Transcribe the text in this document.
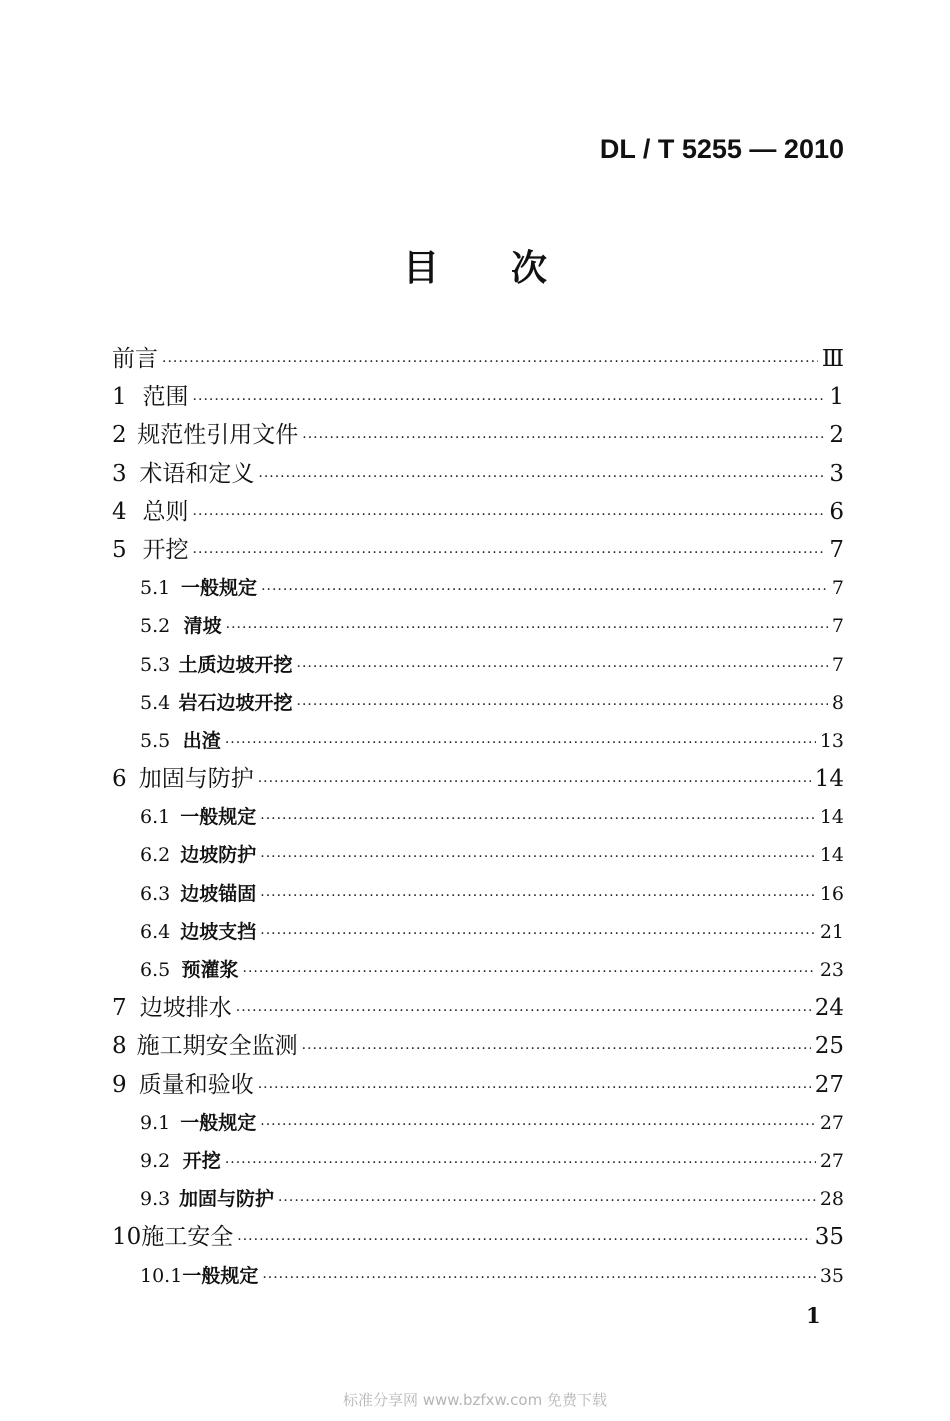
DL / T 5255 — 2010
目 次
前言 ·····	Ⅲ
1 范围 ·····	1
2 规范性引用文件 ·····	2
3 术语和定义 ·····	3
4 总则 ·····	6
5 开挖 ·····	7
5.1 一般规定 ·····	7
5.2 清坡 ·····	7
5.3 土质边坡开挖 ·····	7
5.4 岩石边坡开挖 ·····	8
5.5 出渣 ·····	13
6 加固与防护 ·····	14
6.1 一般规定 ·····	14
6.2 边坡防护 ·····	14
6.3 边坡锚固 ·····	16
6.4 边坡支挡 ·····	21
6.5 预灌浆 ·····	23
7 边坡排水 ·····	24
8 施工期安全监测 ·····	25
9 质量和验收 ·····	27
9.1 一般规定 ·····	27
9.2 开挖 ·····	27
9.3 加固与防护 ·····	28
10 施工安全 ·····	35
10.1 一般规定 ·····	35
1
标准分享网 www.bzfxw.com 免费下载
